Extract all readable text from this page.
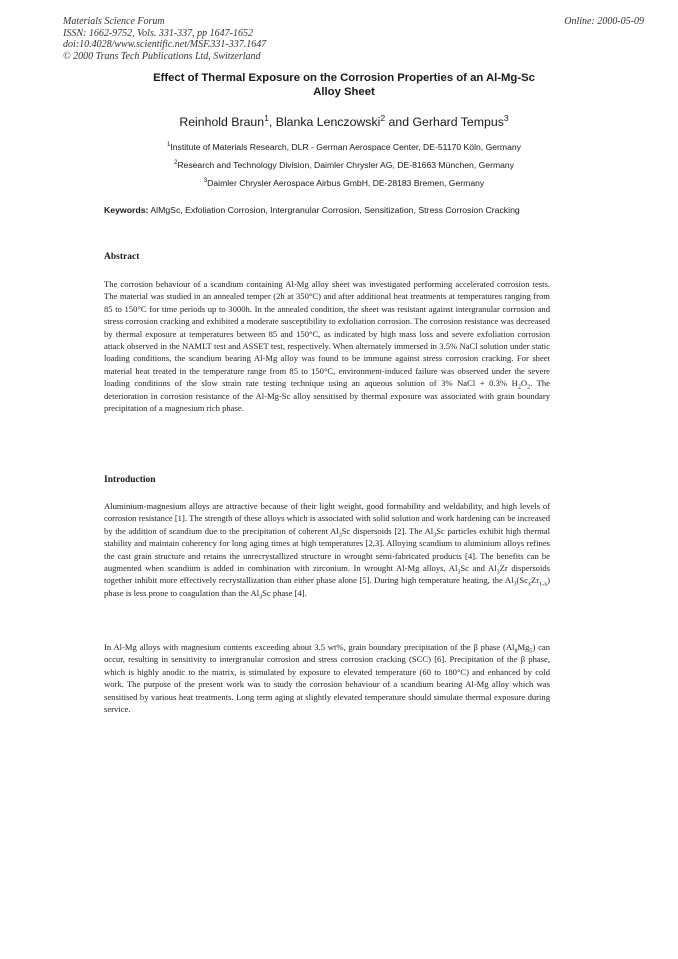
Materials Science Forum
ISSN: 1662-9752, Vols. 331-337, pp 1647-1652
doi:10.4028/www.scientific.net/MSF.331-337.1647
© 2000 Trans Tech Publications Ltd, Switzerland
Online: 2000-05-09
Effect of Thermal Exposure on the Corrosion Properties of an Al-Mg-Sc
Alloy Sheet
Reinhold Braun$^1$, Blanka Lenczowski$^2$ and Gerhard Tempus$^3$
$^1$Institute of Materials Research, DLR - German Aerospace Center, DE-51170 Köln, Germany
$^2$Research and Technology Division, Daimler Chrysler AG, DE-81663 München, Germany
$^3$Daimler Chrysler Aerospace Airbus GmbH, DE-28183 Bremen, Germany
Keywords: AlMgSc, Exfoliation Corrosion, Intergranular Corrosion, Sensitization, Stress Corrosion Cracking
Abstract
The corrosion behaviour of a scandium containing Al-Mg alloy sheet was investigated performing accelerated corrosion tests. The material was studied in an annealed temper (2h at 350°C) and after additional heat treatments at temperatures ranging from 85 to 150°C for time periods up to 3000h. In the annealed condition, the sheet was resistant against intergranular corrosion and stress corrosion cracking and exhibited a moderate susceptibility to exfoliation corrosion. The corrosion resistance was decreased by thermal exposure at temperatures between 85 and 150°C, as indicated by high mass loss and severe exfoliation corrosion attack observed in the NAMLT test and ASSET test, respectively. When alternately immersed in 3.5% NaCl solution under static loading conditions, the scandium bearing Al-Mg alloy was found to be immune against stress corrosion cracking. For sheet material heat treated in the temperature range from 85 to 150°C, environment-induced failure was observed under the severe loading conditions of the slow strain rate testing technique using an aqueous solution of 3% NaCl + 0.3% $H_2O_2$. The deterioration in corrosion resistance of the Al-Mg-Sc alloy sensitised by thermal exposure was associated with grain boundary precipitation of a magnesium rich phase.
Introduction
Aluminium-magnesium alloys are attractive because of their light weight, good formability and weldability, and high levels of corrosion resistance [1]. The strength of these alloys which is associated with solid solution and work hardening can be increased by the addition of scandium due to the precipitation of coherent $Al_3Sc$ dispersoids [2]. The $Al_3Sc$ particles exhibit high thermal stability and maintain coherency for long aging times at high temperatures [2,3]. Alloying scandium to aluminium alloys refines the cast grain structure and retains the unrecrystallized structure in wrought semi-fabricated products [4]. The benefits can be augmented when scandium is added in combination with zirconium. In wrought Al-Mg alloys, $Al_3Sc$ and $Al_3Zr$ dispersoids together inhibit more effectively recrystallization than either phase alone [5]. During high temperature heating, the $Al_3(Sc_xZr_{1-x})$ phase is less prone to coagulation than the $Al_3Sc$ phase [4].
In Al-Mg alloys with magnesium contents exceeding about 3.5 wt%, grain boundary precipitation of the β phase $(Al_8Mg_5)$ can occur, resulting in sensitivity to intergranular corrosion and stress corrosion cracking (SCC) [6]. Precipitation of the β phase, which is highly anodic to the matrix, is stimulated by exposure to elevated temperature (60 to 180°C) and enhanced by cold work. The purpose of the present work was to study the corrosion behaviour of a scandium bearing Al-Mg alloy which was sensitised by various heat treatments. Long term aging at slightly elevated temperature should simulate thermal exposure during service.
